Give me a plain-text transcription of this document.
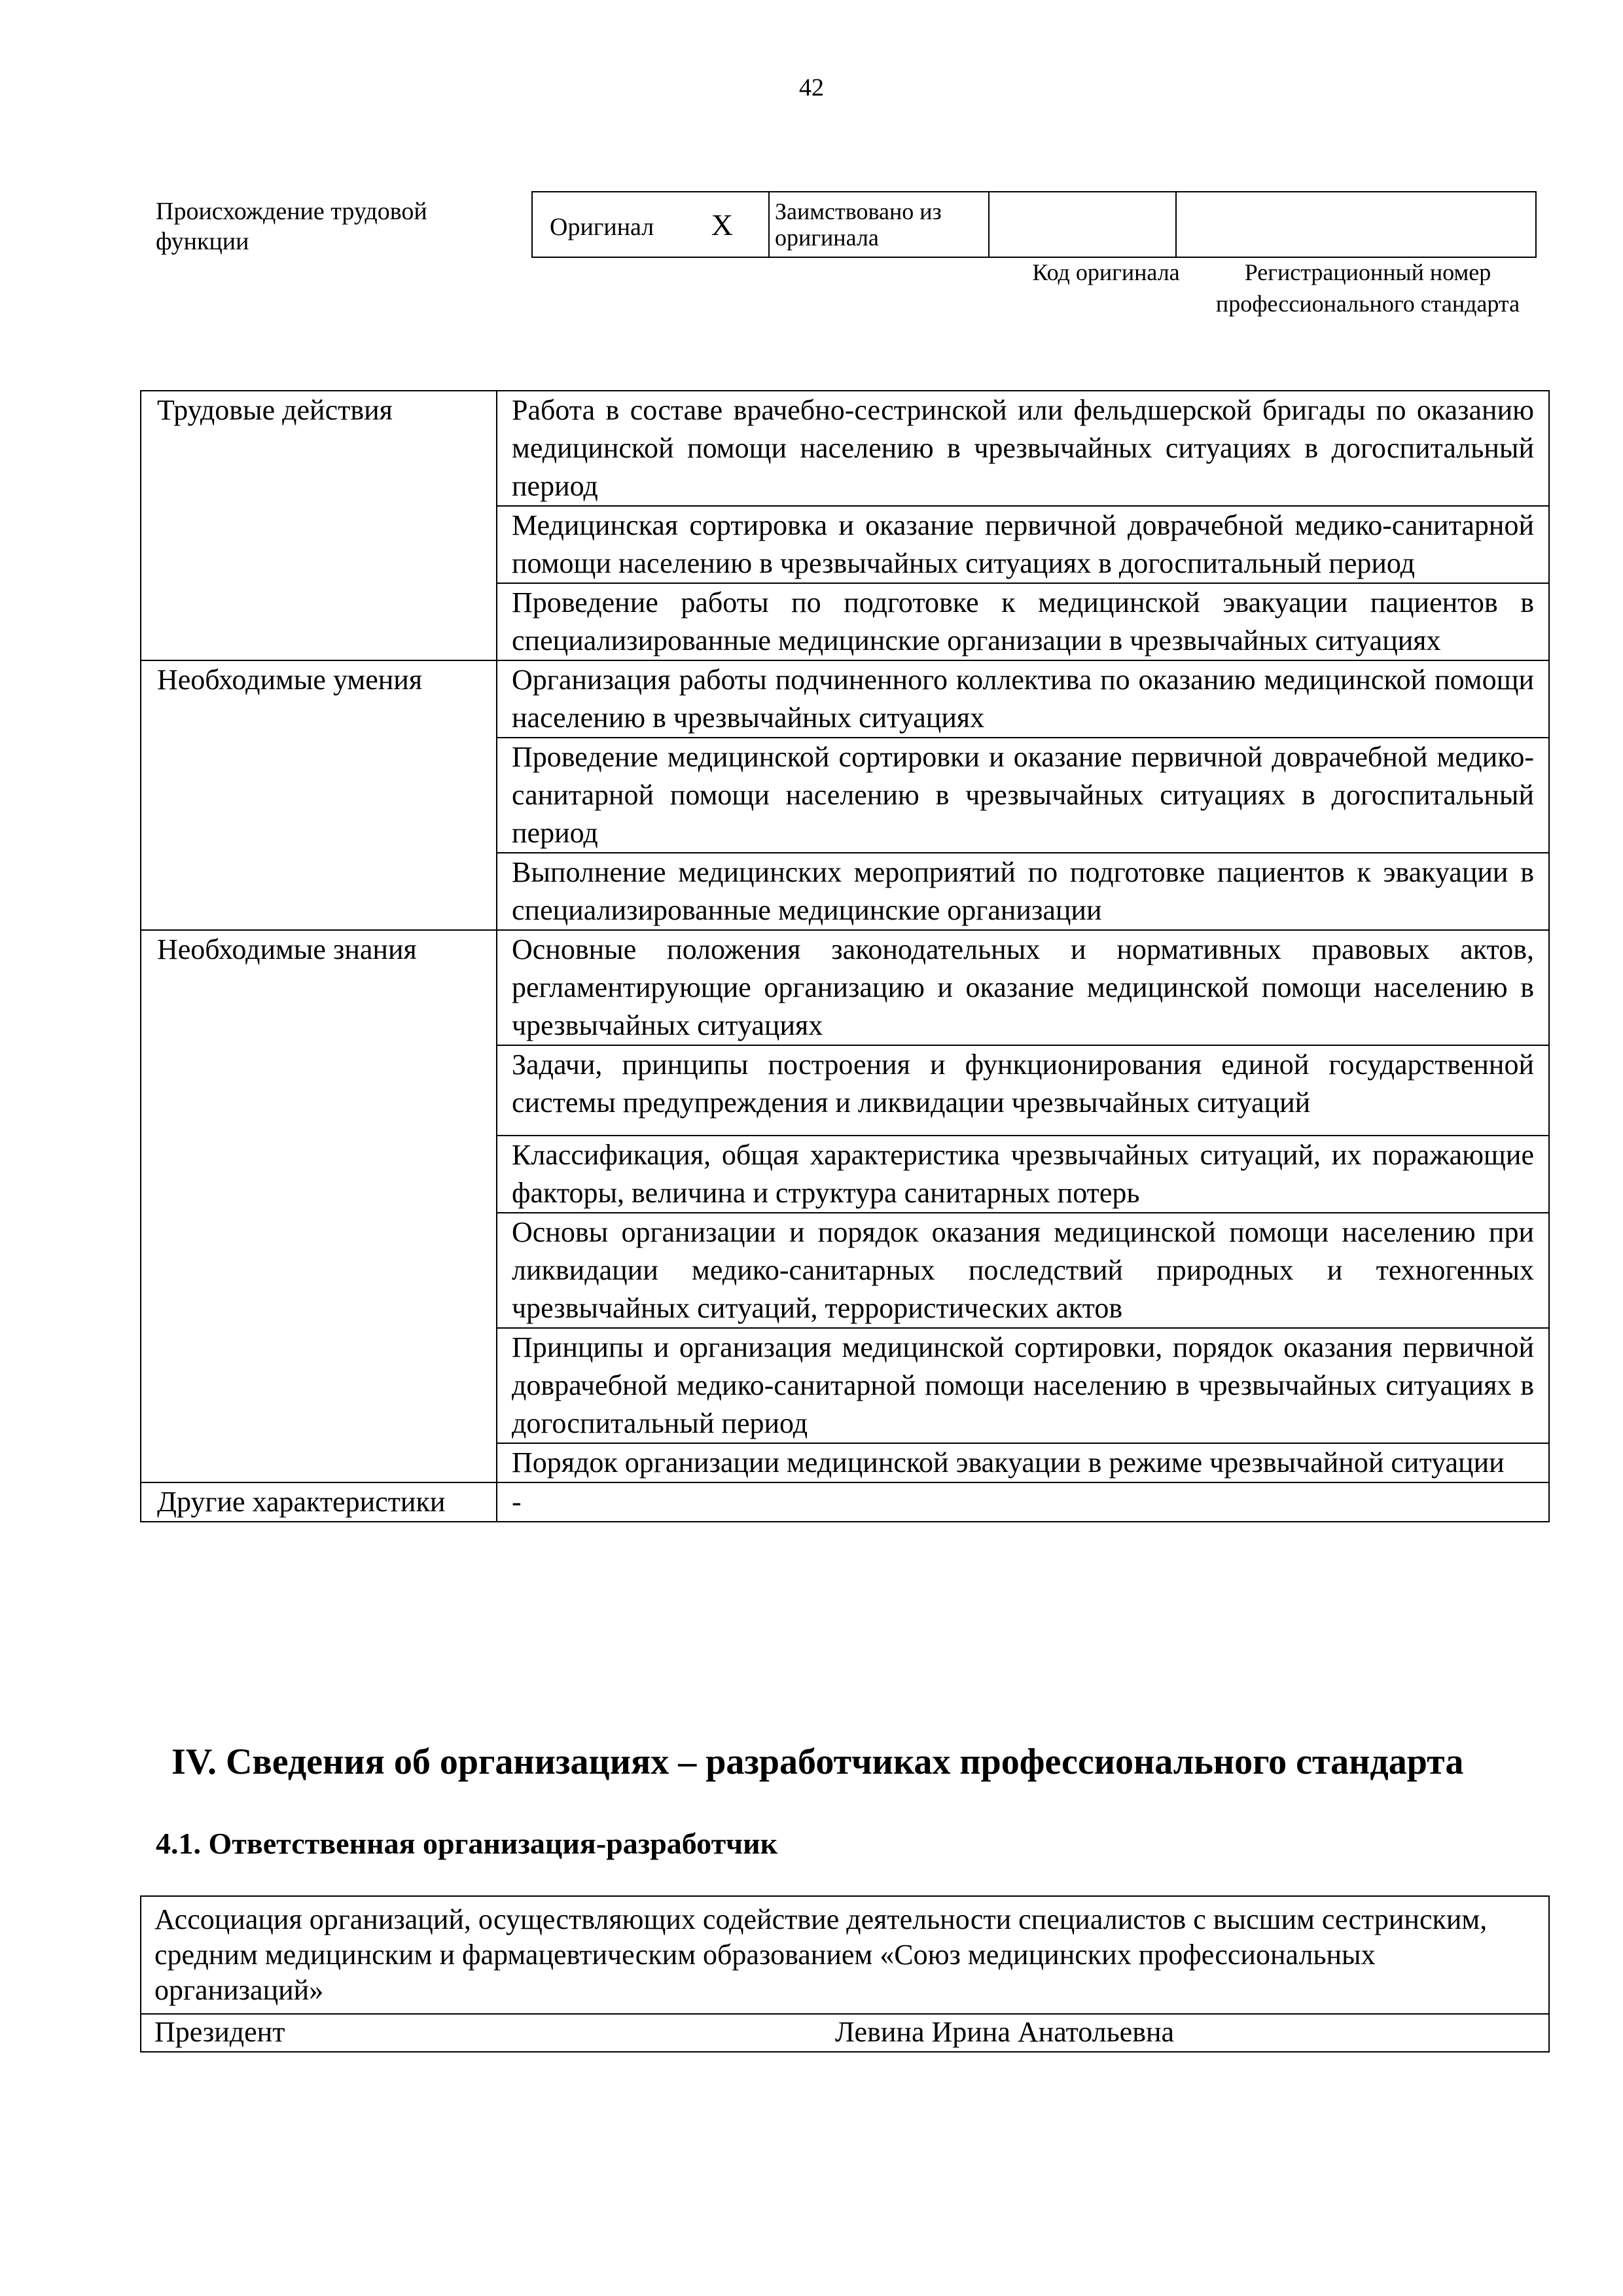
42
Происхождение трудовой функции
Оригинал X	Заимствовано из оригинала		
Код оригинала	Регистрационный номер профессионального стандарта
Трудовые действия	Работа в составе врачебно-сестринской или фельдшерской бригады по оказанию медицинской помощи населению в чрезвычайных ситуациях в догоспитальный период
	Медицинская сортировка и оказание первичной доврачебной медико-санитарной помощи населению в чрезвычайных ситуациях в догоспитальный период
	Проведение работы по подготовке к медицинской эвакуации пациентов в специализированные медицинские организации в чрезвычайных ситуациях
Необходимые умения	Организация работы подчиненного коллектива по оказанию медицинской помощи населению в чрезвычайных ситуациях
	Проведение медицинской сортировки и оказание первичной доврачебной медико-санитарной помощи населению в чрезвычайных ситуациях в догоспитальный период
	Выполнение медицинских мероприятий по подготовке пациентов к эвакуации в специализированные медицинские организации
Необходимые знания	Основные положения законодательных и нормативных правовых актов, регламентирующие организацию и оказание медицинской помощи населению в чрезвычайных ситуациях
	Задачи, принципы построения и функционирования единой государственной системы предупреждения и ликвидации чрезвычайных ситуаций
	Классификация, общая характеристика чрезвычайных ситуаций, их поражающие факторы, величина и структура санитарных потерь
	Основы организации и порядок оказания медицинской помощи населению при ликвидации медико-санитарных последствий природных и техногенных чрезвычайных ситуаций, террористических актов
	Принципы и организация медицинской сортировки, порядок оказания первичной доврачебной медико-санитарной помощи населению в чрезвычайных ситуациях в догоспитальный период
	Порядок организации медицинской эвакуации в режиме чрезвычайной ситуации
Другие характеристики	-
IV. Сведения об организациях – разработчиках профессионального стандарта
4.1. Ответственная организация-разработчик
Ассоциация организаций, осуществляющих содействие деятельности специалистов с высшим сестринским, средним медицинским и фармацевтическим образованием «Союз медицинских профессиональных организаций»
Президент	Левина Ирина Анатольевна
